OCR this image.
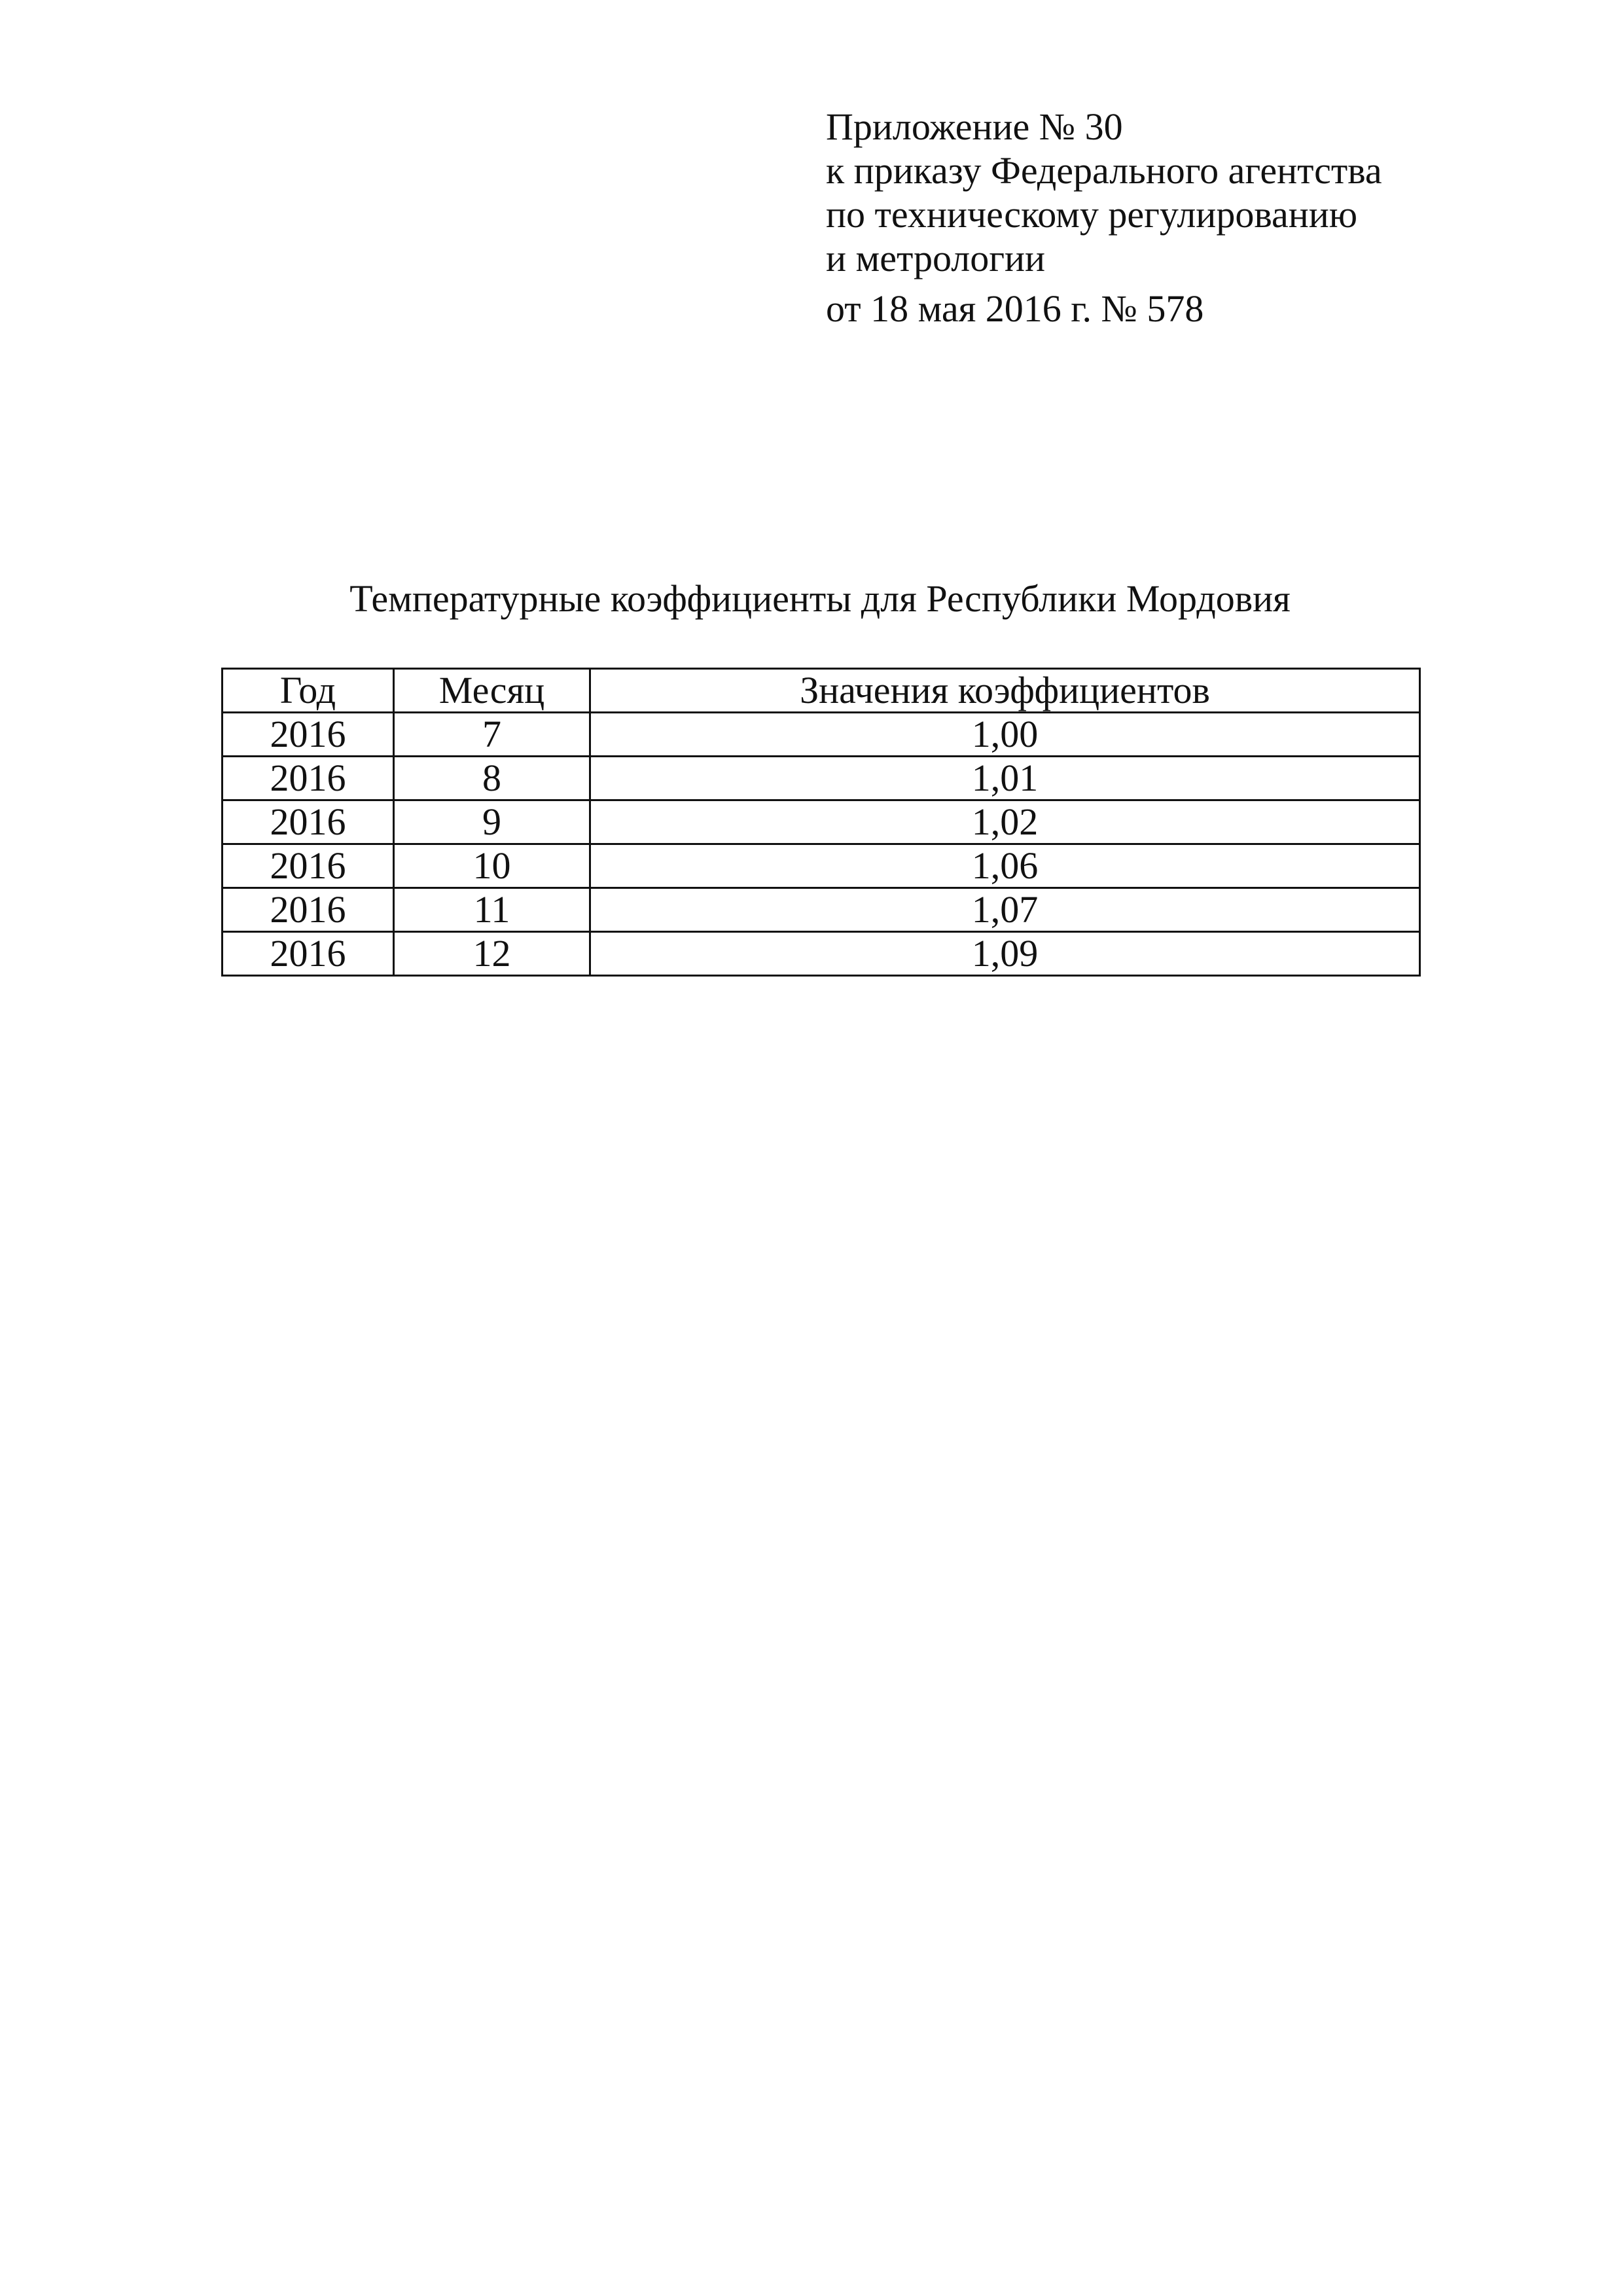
Приложение № 30
к приказу Федерального агентства
по техническому регулированию
и метрологии
от 18 мая 2016 г. № 578
Температурные коэффициенты для Республики Мордовия
Год	Месяц	Значения коэффициентов
2016	7	1,00
2016	8	1,01
2016	9	1,02
2016	10	1,06
2016	11	1,07
2016	12	1,09
